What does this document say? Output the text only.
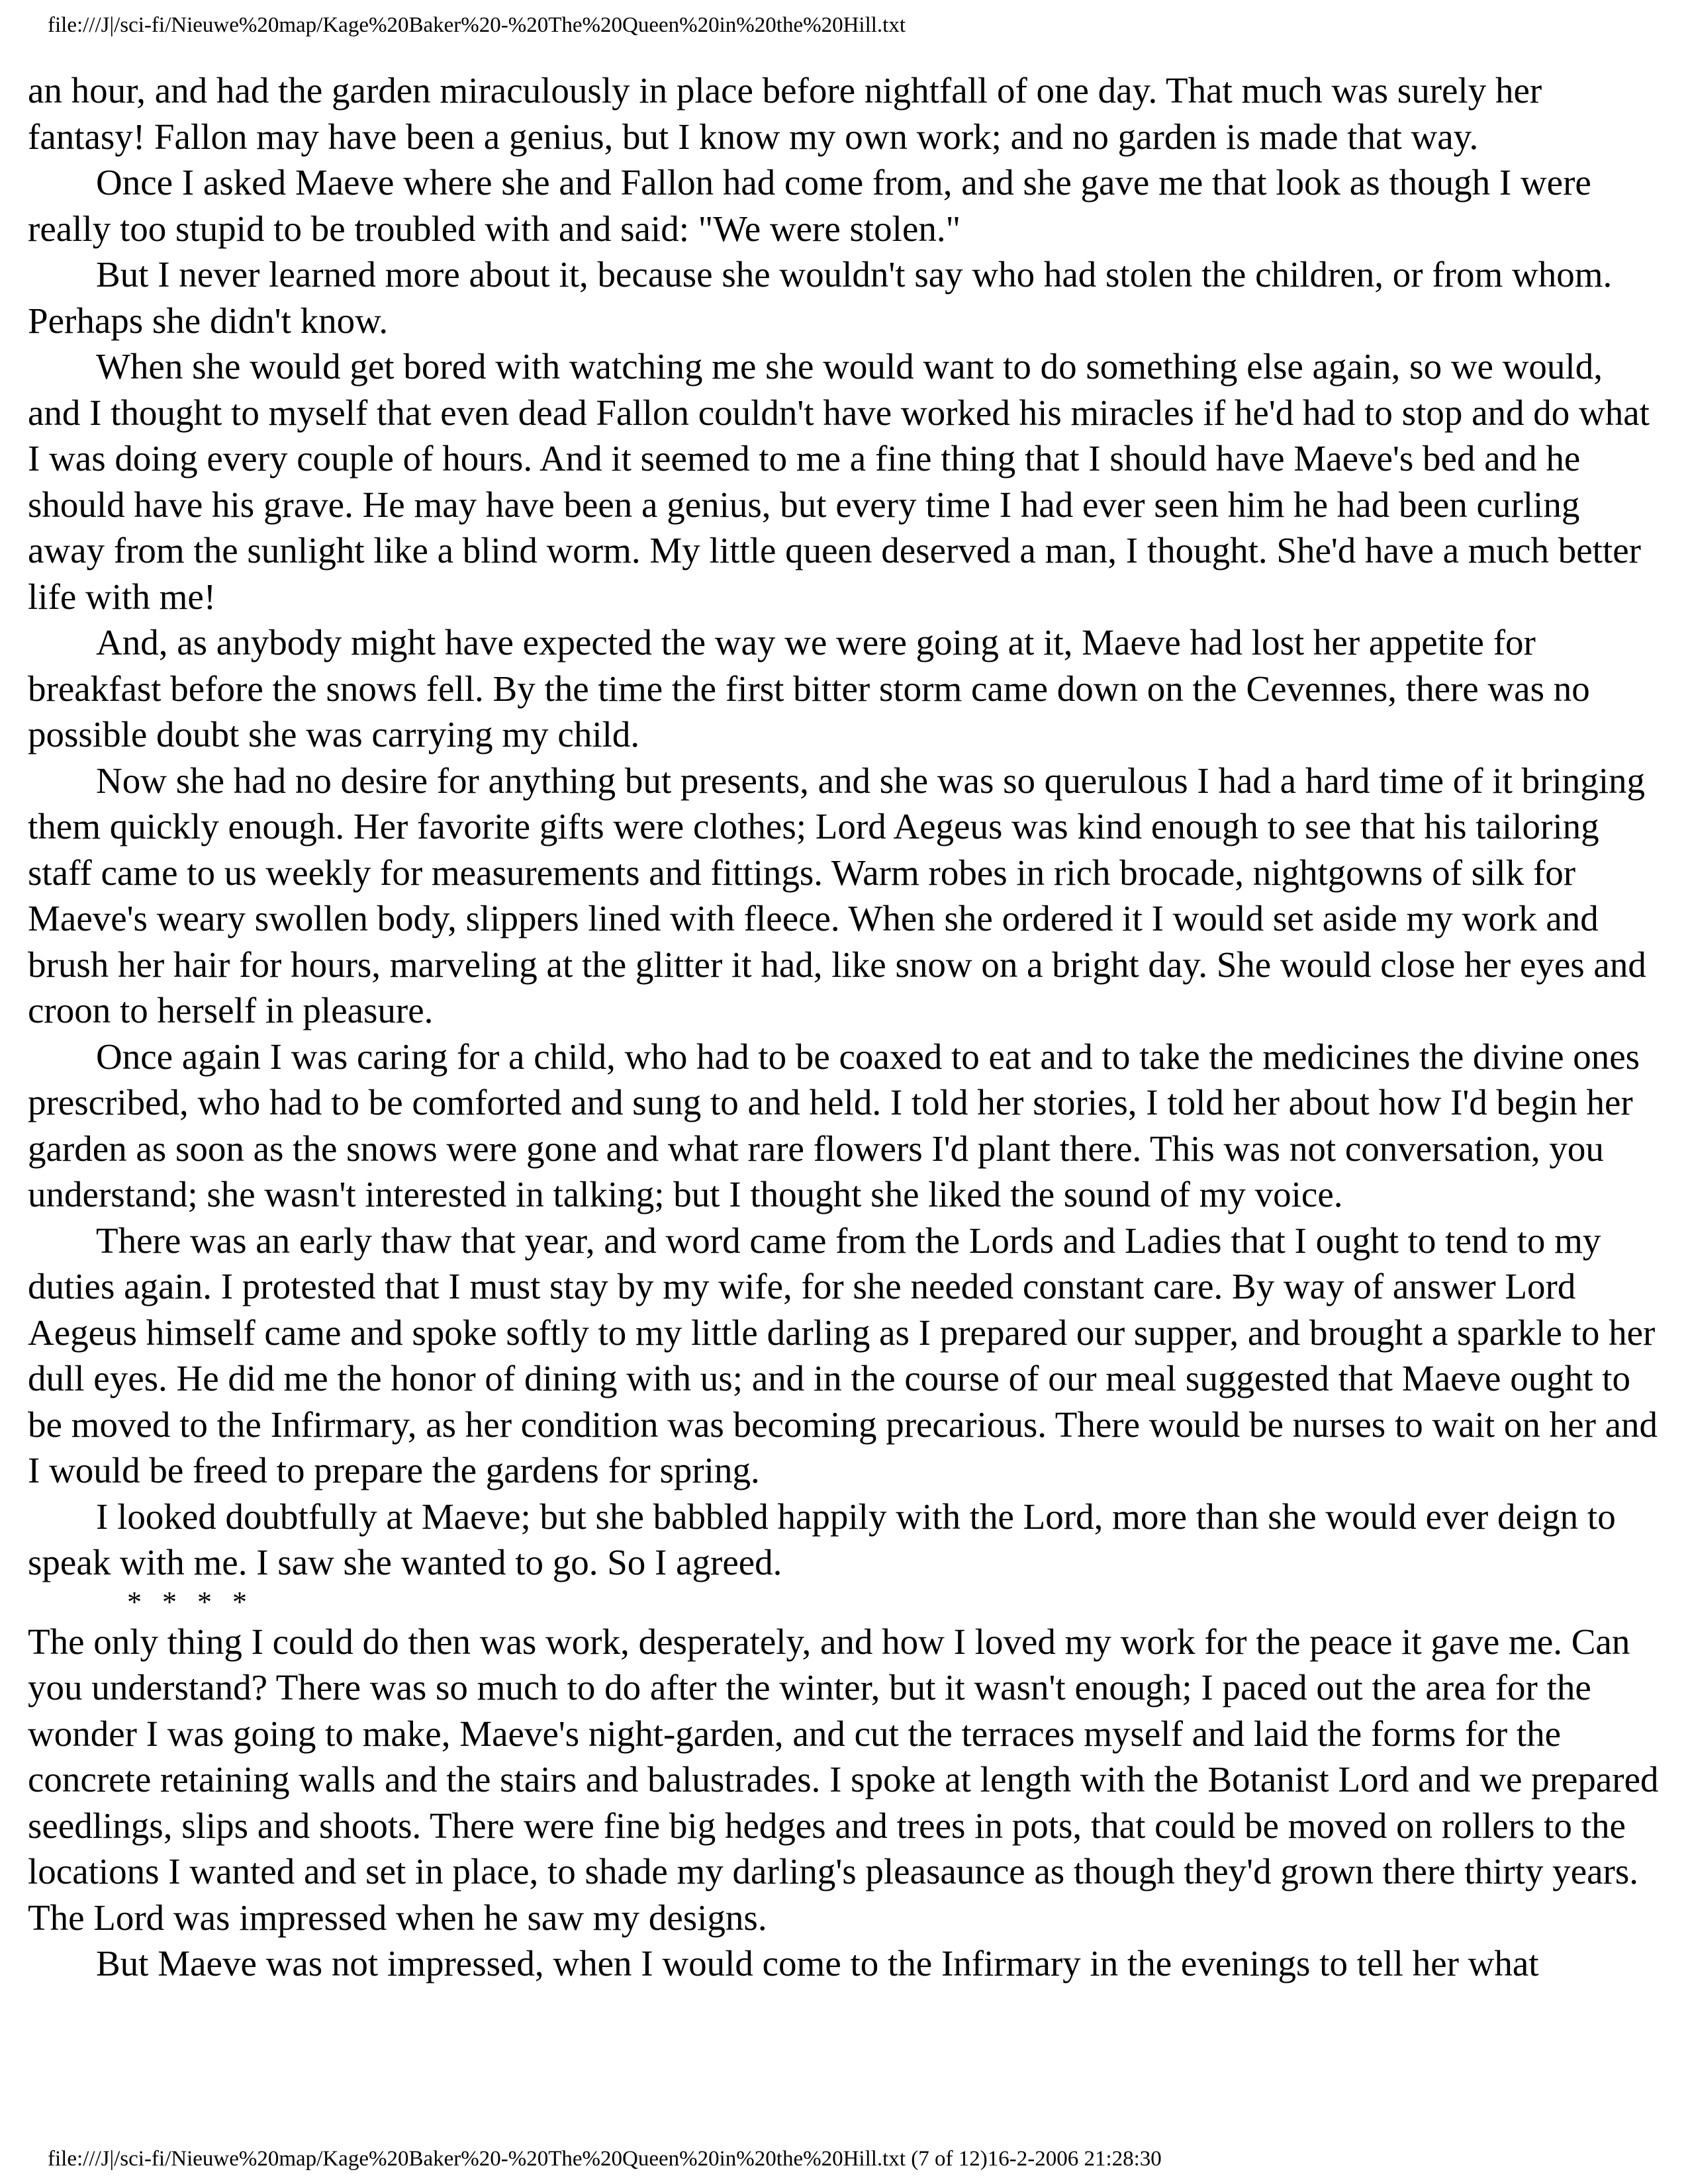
file:///J|/sci-fi/Nieuwe%20map/Kage%20Baker%20-%20The%20Queen%20in%20the%20Hill.txt

an hour, and had the garden miraculously in place before nightfall of one day. That much was surely her fantasy! Fallon may have been a genius, but I know my own work; and no garden is made that way.

Once I asked Maeve where she and Fallon had come from, and she gave me that look as though I were really too stupid to be troubled with and said: "We were stolen."

But I never learned more about it, because she wouldn't say who had stolen the children, or from whom. Perhaps she didn't know.

When she would get bored with watching me she would want to do something else again, so we would, and I thought to myself that even dead Fallon couldn't have worked his miracles if he'd had to stop and do what I was doing every couple of hours. And it seemed to me a fine thing that I should have Maeve's bed and he should have his grave. He may have been a genius, but every time I had ever seen him he had been curling away from the sunlight like a blind worm. My little queen deserved a man, I thought. She'd have a much better life with me!

And, as anybody might have expected the way we were going at it, Maeve had lost her appetite for breakfast before the snows fell. By the time the first bitter storm came down on the Cevennes, there was no possible doubt she was carrying my child.

Now she had no desire for anything but presents, and she was so querulous I had a hard time of it bringing them quickly enough. Her favorite gifts were clothes; Lord Aegeus was kind enough to see that his tailoring staff came to us weekly for measurements and fittings. Warm robes in rich brocade, nightgowns of silk for Maeve's weary swollen body, slippers lined with fleece. When she ordered it I would set aside my work and brush her hair for hours, marveling at the glitter it had, like snow on a bright day. She would close her eyes and croon to herself in pleasure.

Once again I was caring for a child, who had to be coaxed to eat and to take the medicines the divine ones prescribed, who had to be comforted and sung to and held. I told her stories, I told her about how I'd begin her garden as soon as the snows were gone and what rare flowers I'd plant there. This was not conversation, you understand; she wasn't interested in talking; but I thought she liked the sound of my voice.

There was an early thaw that year, and word came from the Lords and Ladies that I ought to tend to my duties again. I protested that I must stay by my wife, for she needed constant care. By way of answer Lord Aegeus himself came and spoke softly to my little darling as I prepared our supper, and brought a sparkle to her dull eyes. He did me the honor of dining with us; and in the course of our meal suggested that Maeve ought to be moved to the Infirmary, as her condition was becoming precarious. There would be nurses to wait on her and I would be freed to prepare the gardens for spring.

I looked doubtfully at Maeve; but she babbled happily with the Lord, more than she would ever deign to speak with me. I saw she wanted to go. So I agreed.

* * * *

The only thing I could do then was work, desperately, and how I loved my work for the peace it gave me. Can you understand? There was so much to do after the winter, but it wasn't enough; I paced out the area for the wonder I was going to make, Maeve's night-garden, and cut the terraces myself and laid the forms for the concrete retaining walls and the stairs and balustrades. I spoke at length with the Botanist Lord and we prepared seedlings, slips and shoots. There were fine big hedges and trees in pots, that could be moved on rollers to the locations I wanted and set in place, to shade my darling's pleasaunce as though they'd grown there thirty years. The Lord was impressed when he saw my designs.

But Maeve was not impressed, when I would come to the Infirmary in the evenings to tell her what

file:///J|/sci-fi/Nieuwe%20map/Kage%20Baker%20-%20The%20Queen%20in%20the%20Hill.txt (7 of 12)16-2-2006 21:28:30
